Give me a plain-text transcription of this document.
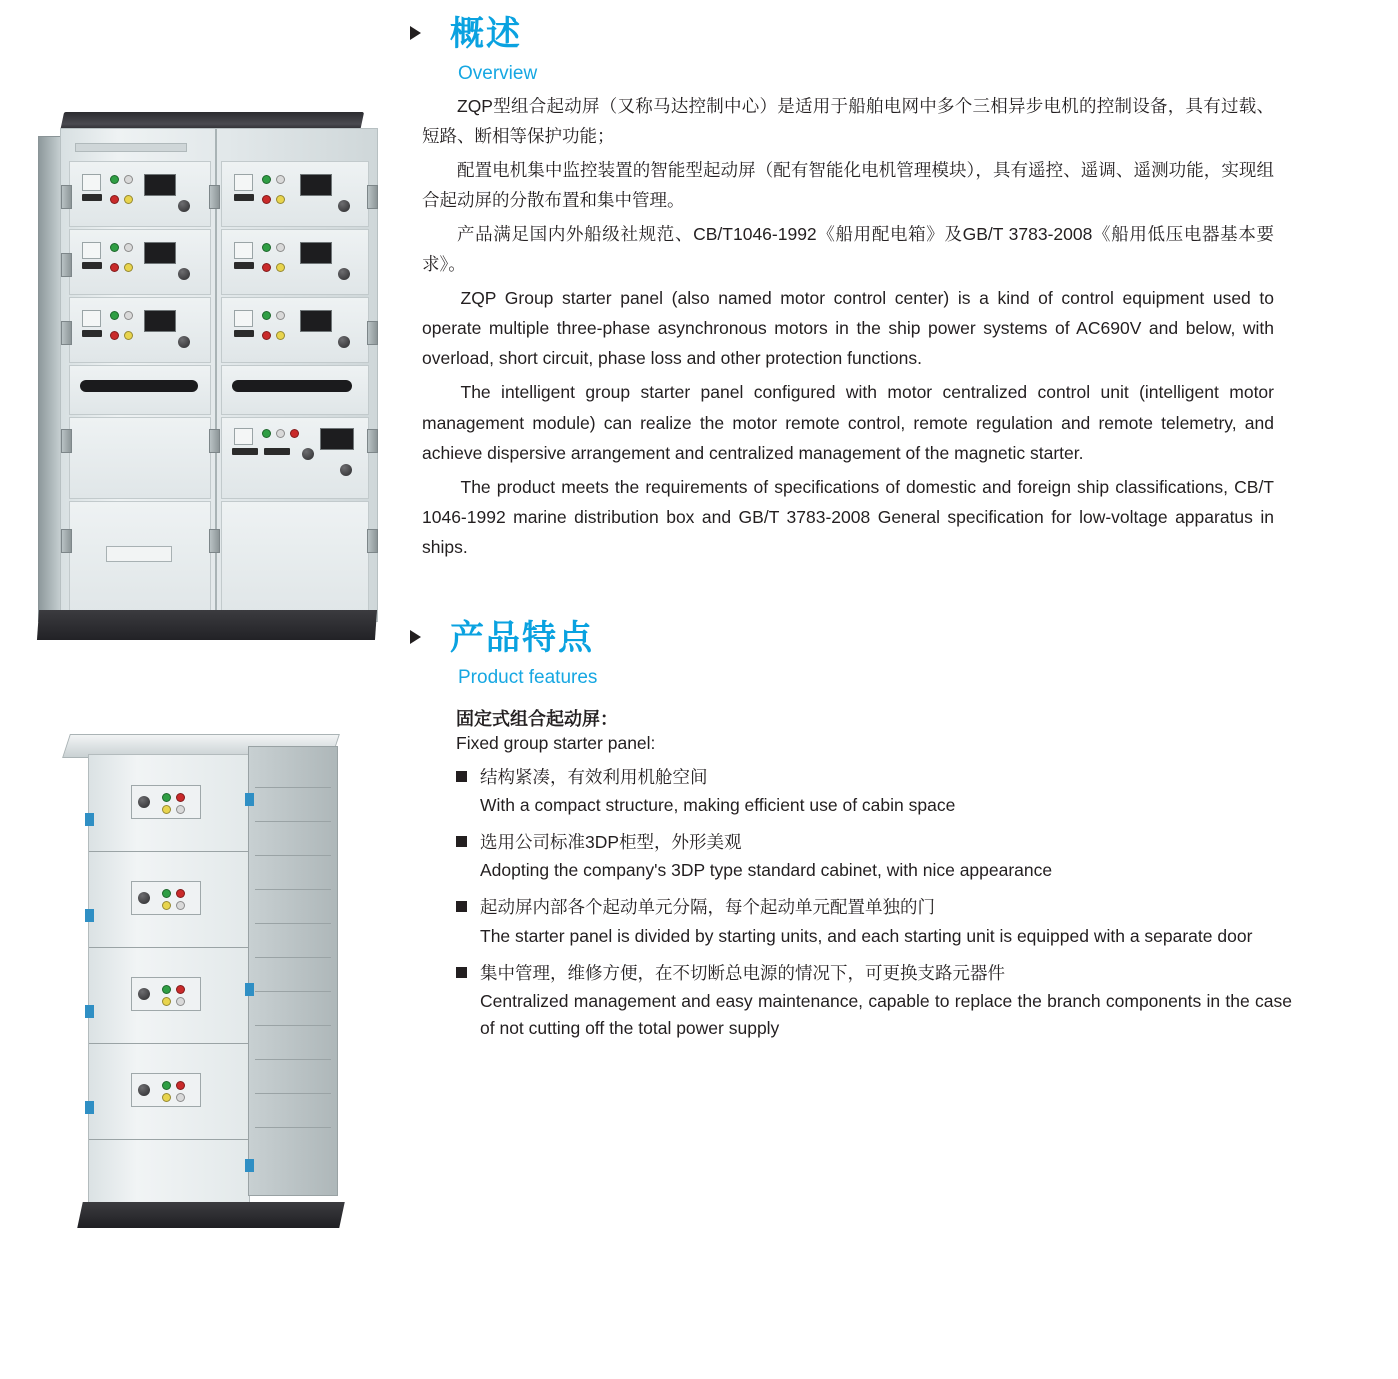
概述
Overview
ZQP型组合起动屏（又称马达控制中心）是适用于船舶电网中多个三相异步电机的控制设备，具有过载、短路、断相等保护功能；
配置电机集中监控装置的智能型起动屏（配有智能化电机管理模块），具有遥控、遥调、遥测功能，实现组合起动屏的分散布置和集中管理。
产品满足国内外船级社规范、CB/T1046-1992《船用配电箱》及GB/T 3783-2008《船用低压电器基本要求》。
ZQP Group starter panel (also named motor control center) is a kind of control equipment used to operate multiple three-phase asynchronous motors in the ship power systems of AC690V and below, with overload, short circuit, phase loss and other protection functions.
The intelligent group starter panel configured with motor centralized control unit (intelligent motor management module) can realize the motor remote control, remote regulation and remote telemetry, and achieve dispersive arrangement and centralized management of the magnetic starter.
The product meets the requirements of specifications of domestic and foreign ship classifications, CB/T 1046-1992 marine distribution box and GB/T 3783-2008 General specification for low-voltage apparatus in ships.
产品特点
Product features
固定式组合起动屏：
Fixed group starter panel:
结构紧凑，有效利用机舱空间
With a compact structure, making efficient use of cabin space
选用公司标准3DP柜型，外形美观
Adopting the company's 3DP type standard cabinet, with nice appearance
起动屏内部各个起动单元分隔，每个起动单元配置单独的门
The starter panel is divided by starting units, and each starting unit is equipped with a separate door
集中管理，维修方便，在不切断总电源的情况下，可更换支路元器件
Centralized management and easy maintenance, capable to replace the branch components in the case of not cutting off the total power supply
